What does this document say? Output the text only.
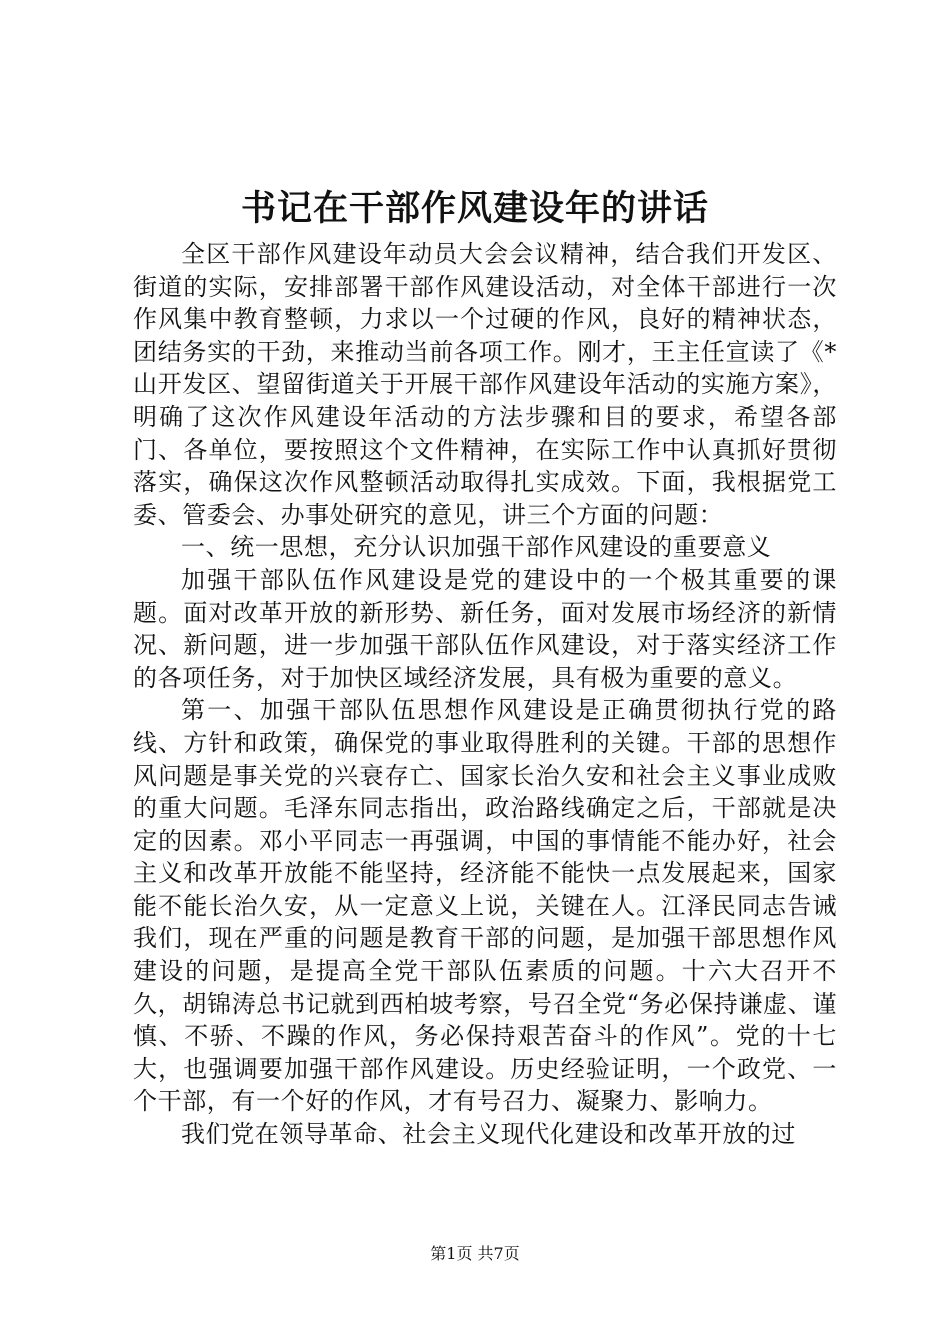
书记在干部作风建设年的讲话

全区干部作风建设年动员大会会议精神，结合我们开发区、街道的实际，安排部署干部作风建设活动，对全体干部进行一次作风集中教育整顿，力求以一个过硬的作风，良好的精神状态，团结务实的干劲，来推动当前各项工作。刚才，王主任宣读了《*山开发区、望留街道关于开展干部作风建设年活动的实施方案》，明确了这次作风建设年活动的方法步骤和目的要求，希望各部门、各单位，要按照这个文件精神，在实际工作中认真抓好贯彻落实，确保这次作风整顿活动取得扎实成效。下面，我根据党工委、管委会、办事处研究的意见，讲三个方面的问题：

一、统一思想，充分认识加强干部作风建设的重要意义

加强干部队伍作风建设是党的建设中的一个极其重要的课题。面对改革开放的新形势、新任务，面对发展市场经济的新情况、新问题，进一步加强干部队伍作风建设，对于落实经济工作的各项任务，对于加快区域经济发展，具有极为重要的意义。

第一、加强干部队伍思想作风建设是正确贯彻执行党的路线、方针和政策，确保党的事业取得胜利的关键。干部的思想作风问题是事关党的兴衰存亡、国家长治久安和社会主义事业成败的重大问题。毛泽东同志指出，政治路线确定之后，干部就是决定的因素。邓小平同志一再强调，中国的事情能不能办好，社会主义和改革开放能不能坚持，经济能不能快一点发展起来，国家能不能长治久安，从一定意义上说，关键在人。江泽民同志告诫我们，现在严重的问题是教育干部的问题，是加强干部思想作风建设的问题，是提高全党干部队伍素质的问题。十六大召开不久，胡锦涛总书记就到西柏坡考察，号召全党“务必保持谦虚、谨慎、不骄、不躁的作风，务必保持艰苦奋斗的作风”。党的十七大，也强调要加强干部作风建设。历史经验证明，一个政党、一个干部，有一个好的作风，才有号召力、凝聚力、影响力。

我们党在领导革命、社会主义现代化建设和改革开放的过

第1页 共7页
